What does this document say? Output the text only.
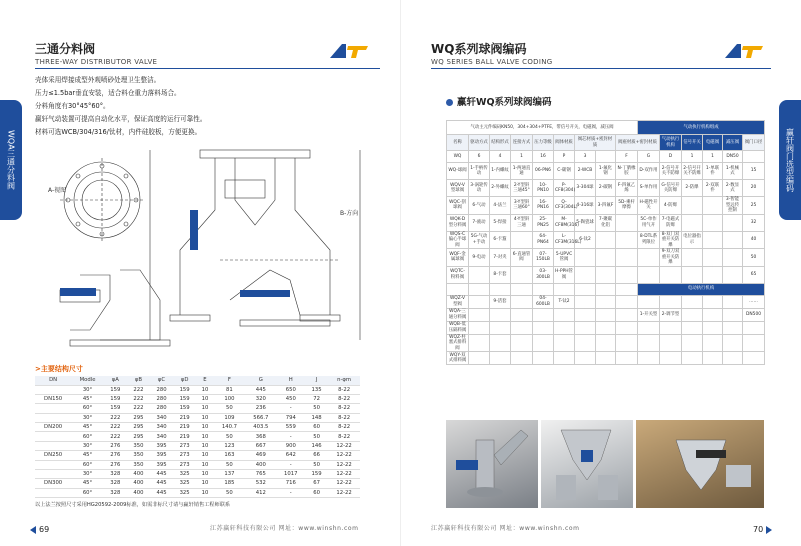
三通分料阀
THREE-WAY DISTRIBUTOR VALVE
WQA三通分料阀

壳体采用焊接成型外观喷砂处理卫生整洁。

压力≤1.5bar垂直安装，适合料仓重力落料场合。

分料角度有30°45°60°。

赢轩气动装置可提高自动化水平，保证高度的运行可靠性。

材料可选WCB/304/316/钛材，内件硅胶板，方便更换。

A-视图
B-方向
>主要结构尺寸
DN	Modle	φA	φB	φC	φD	E	F	G	H	J	n-φm
	30°	159	222	280	159	10	81	445	650	135	8-22
DN150	45°	159	222	280	159	10	100	320	450	72	8-22
	60°	159	222	280	159	10	50	236	-	50	8-22
	30°	222	295	340	219	10	109	566.7	794	148	8-22
DN200	45°	222	295	340	219	10	140.7	403.5	559	60	8-22
	60°	222	295	340	219	10	50	368	-	50	8-22
	30°	276	350	395	273	10	123	667	900	146	12-22
DN250	45°	276	350	395	273	10	163	469	642	66	12-22
	60°	276	350	395	273	10	50	400	-	50	12-22
	30°	328	400	445	325	10	137	765	1017	159	12-22
DN300	45°	328	400	445	325	10	185	532	716	67	12-22
	60°	328	400	445	325	10	50	412	-	60	12-22
以上法兰按照尺寸采用HG20592-2009标准，如需非标尺寸请与赢轩销售工程师联系
69	江苏赢轩科技有限公司 网址：www.winshn.com
WQ系列球阀编码
WQ SERIES BALL VALVE CODING
赢轩阀门选型编码
赢轩WQ系列球阀编码
气动主元件编码KN50，304+304+PTFE，带信号开关，电磁阀，减压阀									气动执行机构组成					
名称	驱动方式	结构形式	连接方式	压力等级	阀体材质	阀芯材质+密封材质		阀座材质+密封材质		气动执行机构	信号开关	电磁阀	减压阀	阀门口径
WQ	6	4	1	16	P	3		F	G	D	1	1	DN50	
WQ-球阀	1-手柄传动	1-内螺纹	1-两通直通	06-PN6	C-碳钢	2-WCB	1-氟化钢	N-丁腈橡胶	D-双作用	2-信号开关不防爆	2-信号开关不防爆	1-单联件	1-机械式	15
WQV-V型球阀	3-涡轮传动	2-外螺纹	2-Y型斜三通45°	10-PN10	P-CF8(304)	3-304球	2-碳钢	F-四氟乙烯	S-单作用	G-信号开关防爆	2-防爆	2-双联件	2-数显式	20
WQC-刮球阀	6-气动	4-法兰	3-Y型斜三通60°	16-PN16	Q-CF3(304L)	4-316球	3-四氟F	5D-乘杆摩擦	H-磁性开关	4-防爆			3-智能型远传控制	25
WQK-D型分料阀	7-液动	5-焊接	4-Y型斜三通	25-PN25	M-CF8M(316)	5-陶瓷球	7-聚碳化铝		5C-单作用气开	7-电磁式防爆				32
WQS-C偏心半球阀	5G-气动+手动	6-卡箍		64-PN64	L-CF3M(316L)	6-钛2			8-DTL系列限位	8-双门双重开关防爆	电位器指示			40
WQF-金属球阀	9-电动	7-对夹	6-直通管阀	07-150LB	5-UPVC管阀					9-双刀双重开关防爆				50
WQTC-粉料阀		8-卡套		03-300LB	H-PPH管阀									65
									电动执行机构					
WQZ-V型阀		9-活套		04-600LB	T-钛2									……
WQA-三通分料阀									1-开关型	2-调节型				DN500
WQB-低压隔料阀														
WQZ-柱塞式排料阀														
WQY-双式排料阀														
江苏赢轩科技有限公司 网址：www.winshn.com	70
